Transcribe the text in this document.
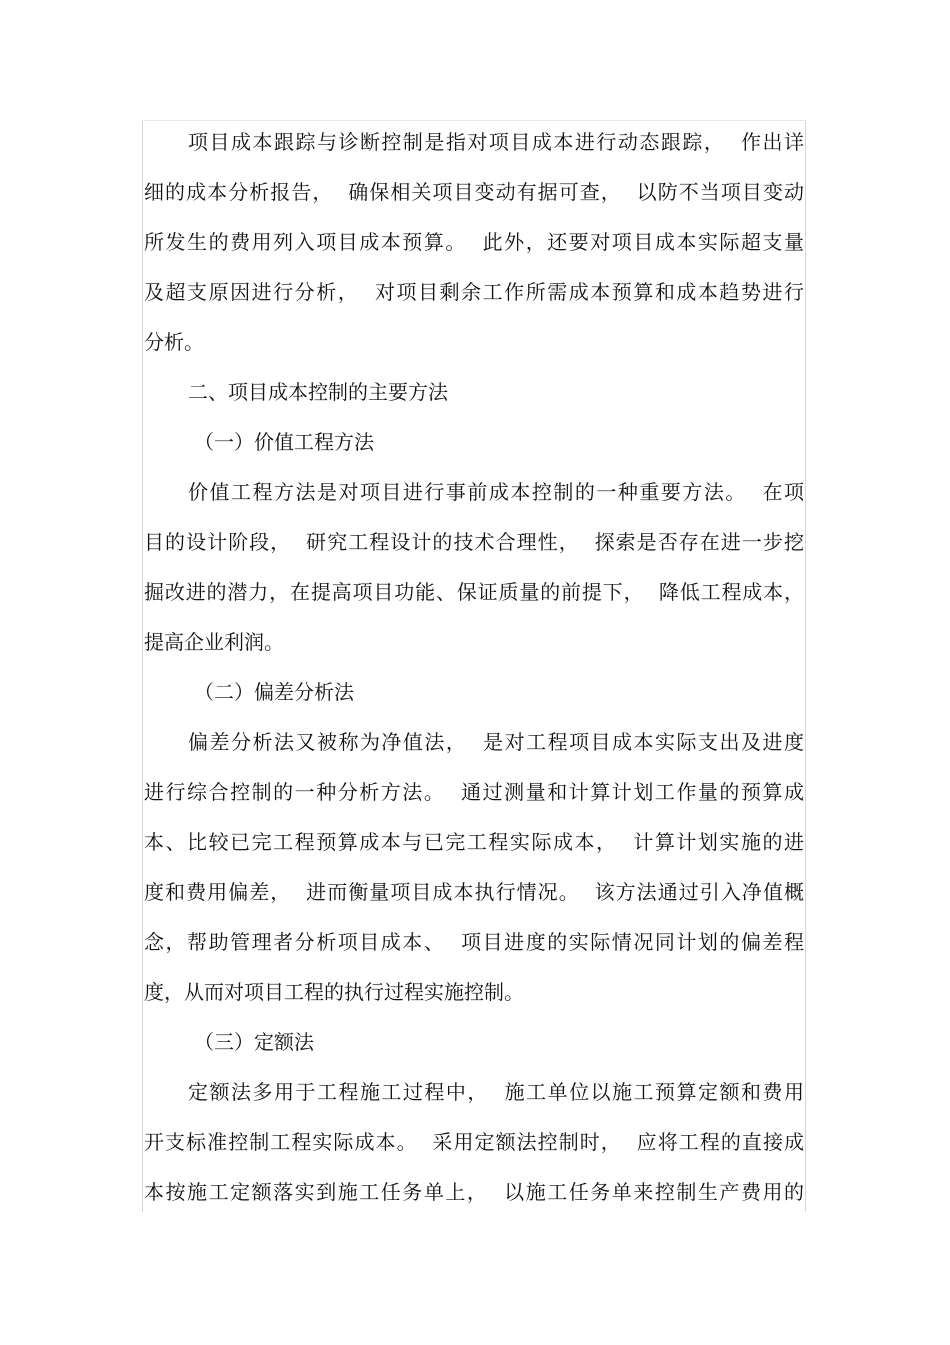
项目成本跟踪与诊断控制是指对项目成本进行动态跟踪，  作出详
细的成本分析报告，  确保相关项目变动有据可查，  以防不当项目变动
所发生的费用列入项目成本预算。  此外，还要对项目成本实际超支量
及超支原因进行分析，  对项目剩余工作所需成本预算和成本趋势进行
分析。
二、项目成本控制的主要方法
（一）价值工程方法
价值工程方法是对项目进行事前成本控制的一种重要方法。  在项
目的设计阶段，  研究工程设计的技术合理性，  探索是否存在进一步挖
掘改进的潜力，在提高项目功能、保证质量的前提下，  降低工程成本，
提高企业利润。
（二）偏差分析法
偏差分析法又被称为净值法，  是对工程项目成本实际支出及进度
进行综合控制的一种分析方法。  通过测量和计算计划工作量的预算成
本、比较已完工程预算成本与已完工程实际成本，  计算计划实施的进
度和费用偏差，  进而衡量项目成本执行情况。  该方法通过引入净值概
念，帮助管理者分析项目成本、  项目进度的实际情况同计划的偏差程
度，从而对项目工程的执行过程实施控制。
（三）定额法
定额法多用于工程施工过程中，  施工单位以施工预算定额和费用
开支标准控制工程实际成本。  采用定额法控制时，  应将工程的直接成
本按施工定额落实到施工任务单上，  以施工任务单来控制生产费用的
